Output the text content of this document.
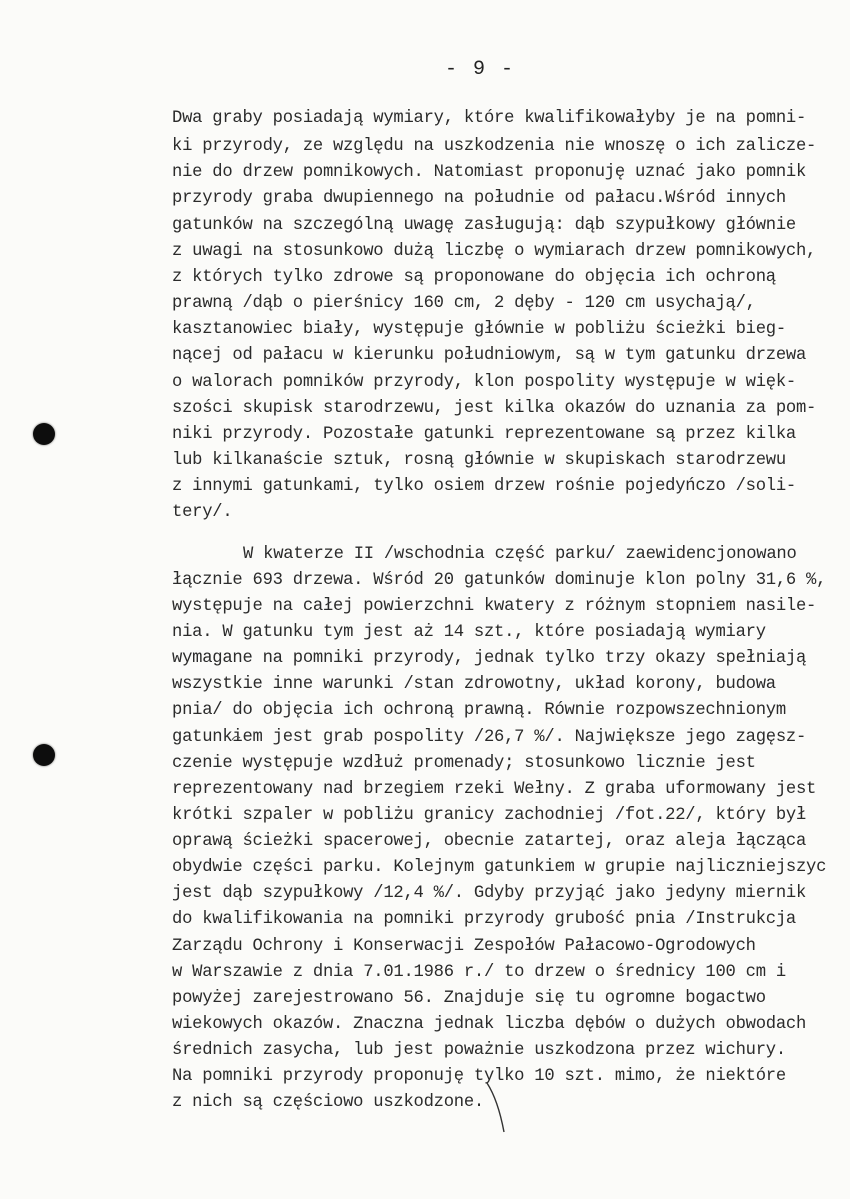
- 9 -
Dwa graby posiadają wymiary, które kwalifikowałyby je na pomni-
ki przyrody, ze względu na uszkodzenia nie wnoszę o ich zalicze-
nie do drzew pomnikowych. Natomiast proponuję uznać jako pomnik
przyrody graba dwupiennego na południe od pałacu.Wśród innych
gatunków na szczególną uwagę zasługują: dąb szypułkowy głównie
z uwagi na stosunkowo dużą liczbę o wymiarach drzew pomnikowych,
z których tylko zdrowe są proponowane do objęcia ich ochroną
prawną /dąb o pierśnicy 160 cm, 2 dęby - 120 cm usychają/,
kasztanowiec biały, występuje głównie w pobliżu ścieżki bieg-
nącej od pałacu w kierunku południowym, są w tym gatunku drzewa
o walorach pomników przyrody, klon pospolity występuje w więk-
szości skupisk starodrzewu, jest kilka okazów do uznania za pom-
niki przyrody. Pozostałe gatunki reprezentowane są przez kilka
lub kilkanaście sztuk, rosną głównie w skupiskach starodrzewu
z innymi gatunkami, tylko osiem drzew rośnie pojedyńczo /soli-
tery/.
W kwaterze II /wschodnia część parku/ zaewidencjonowano
łącznie 693 drzewa. Wśród 20 gatunków dominuje klon polny 31,6 %,
występuje na całej powierzchni kwatery z różnym stopniem nasile-
nia. W gatunku tym jest aż 14 szt., które posiadają wymiary
wymagane na pomniki przyrody, jednak tylko trzy okazy spełniają
wszystkie inne warunki /stan zdrowotny, układ korony, budowa
pnia/ do objęcia ich ochroną prawną. Równie rozpowszechnionym
gatunkiem jest grab pospolity /26,7 %/. Największe jego zagęsz-
czenie występuje wzdłuż promenady; stosunkowo licznie jest
reprezentowany nad brzegiem rzeki Wełny. Z graba uformowany jest
krótki szpaler w pobliżu granicy zachodniej /fot.22/, który był
oprawą ścieżki spacerowej, obecnie zatartej, oraz aleja łącząca
obydwie części parku. Kolejnym gatunkiem w grupie najliczniejszyc
jest dąb szypułkowy /12,4 %/. Gdyby przyjąć jako jedyny miernik
do kwalifikowania na pomniki przyrody grubość pnia /Instrukcja
Zarządu Ochrony i Konserwacji Zespołów Pałacowo-Ogrodowych
w Warszawie z dnia 7.01.1986 r./ to drzew o średnicy 100 cm i
powyżej zarejestrowano 56. Znajduje się tu ogromne bogactwo
wiekowych okazów. Znaczna jednak liczba dębów o dużych obwodach
średnich zasycha, lub jest poważnie uszkodzona przez wichury.
Na pomniki przyrody proponuję tylko 10 szt. mimo, że niektóre
z nich są częściowo uszkodzone.
